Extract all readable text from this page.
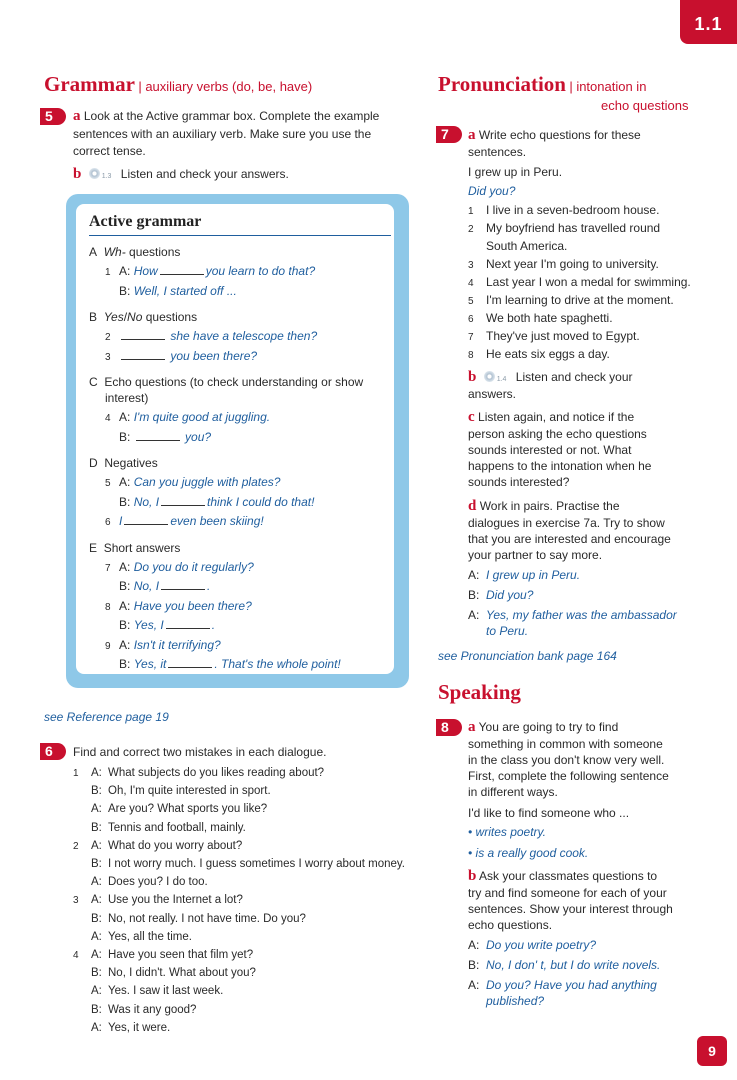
1.1
Grammar | auxiliary verbs (do, be, have)
5	a Look at the Active grammar box. Complete the example
sentences with an auxiliary verb. Make sure you use the
correct tense.
b	1.3 Listen and check your answers.
Active grammar
A Wh- questions
1 A: How	you learn to do that?
B: Well, I started off ...
B Yes/No questions
2	she have a telescope then?
3	you been there?
C Echo questions (to check understanding or show
interest)
4 A: I'm quite good at juggling.
B:	you?
D Negatives
5 A: Can you juggle with plates?
B: No, I	think I could do that!
6 I	even been skiing!
E Short answers
7 A: Do you do it regularly?
B: No, I	.
8 A: Have you been there?
B: Yes, I	.
9 A: Isn't it terrifying?
B: Yes, it	. That's the whole point!
see Reference page 19
6	Find and correct two mistakes in each dialogue.
1 A: What subjects do you likes reading about?
B: Oh, I'm quite interested in sport.
A: Are you? What sports you like?
B: Tennis and football, mainly.
2 A: What do you worry about?
B: I not worry much. I guess sometimes I worry about money.
A: Does you? I do too.
3 A: Use you the Internet a lot?
B: No, not really. I not have time. Do you?
A: Yes, all the time.
4 A: Have you seen that film yet?
B: No, I didn't. What about you?
A: Yes. I saw it last week.
B: Was it any good?
A: Yes, it were.
Pronunciation | intonation in
echo questions
7	a Write echo questions for these
sentences.
I grew up in Peru.
Did you?
1 I live in a seven-bedroom house.
2 My boyfriend has travelled round
South America.
3 Next year I'm going to university.
4 Last year I won a medal for swimming.
5 I'm learning to drive at the moment.
6 We both hate spaghetti.
7 They've just moved to Egypt.
8 He eats six eggs a day.
b	1.4 Listen and check your
answers.
c Listen again, and notice if the
person asking the echo questions
sounds interested or not. What
happens to the intonation when he
sounds interested?
d Work in pairs. Practise the
dialogues in exercise 7a. Try to show
that you are interested and encourage
your partner to say more.
A: I grew up in Peru.
B: Did you?
A: Yes, my father was the ambassador
to Peru.
see Pronunciation bank page 164
Speaking
8	a You are going to try to find
something in common with someone
in the class you don't know very well.
First, complete the following sentence
in different ways.
I'd like to find someone who ...
• writes poetry.
• is a really good cook.
b Ask your classmates questions to
try and find someone for each of your
sentences. Show your interest through
echo questions.
A: Do you write poetry?
B: No, I don' t, but I do write novels.
A: Do you? Have you had anything
published?
9
